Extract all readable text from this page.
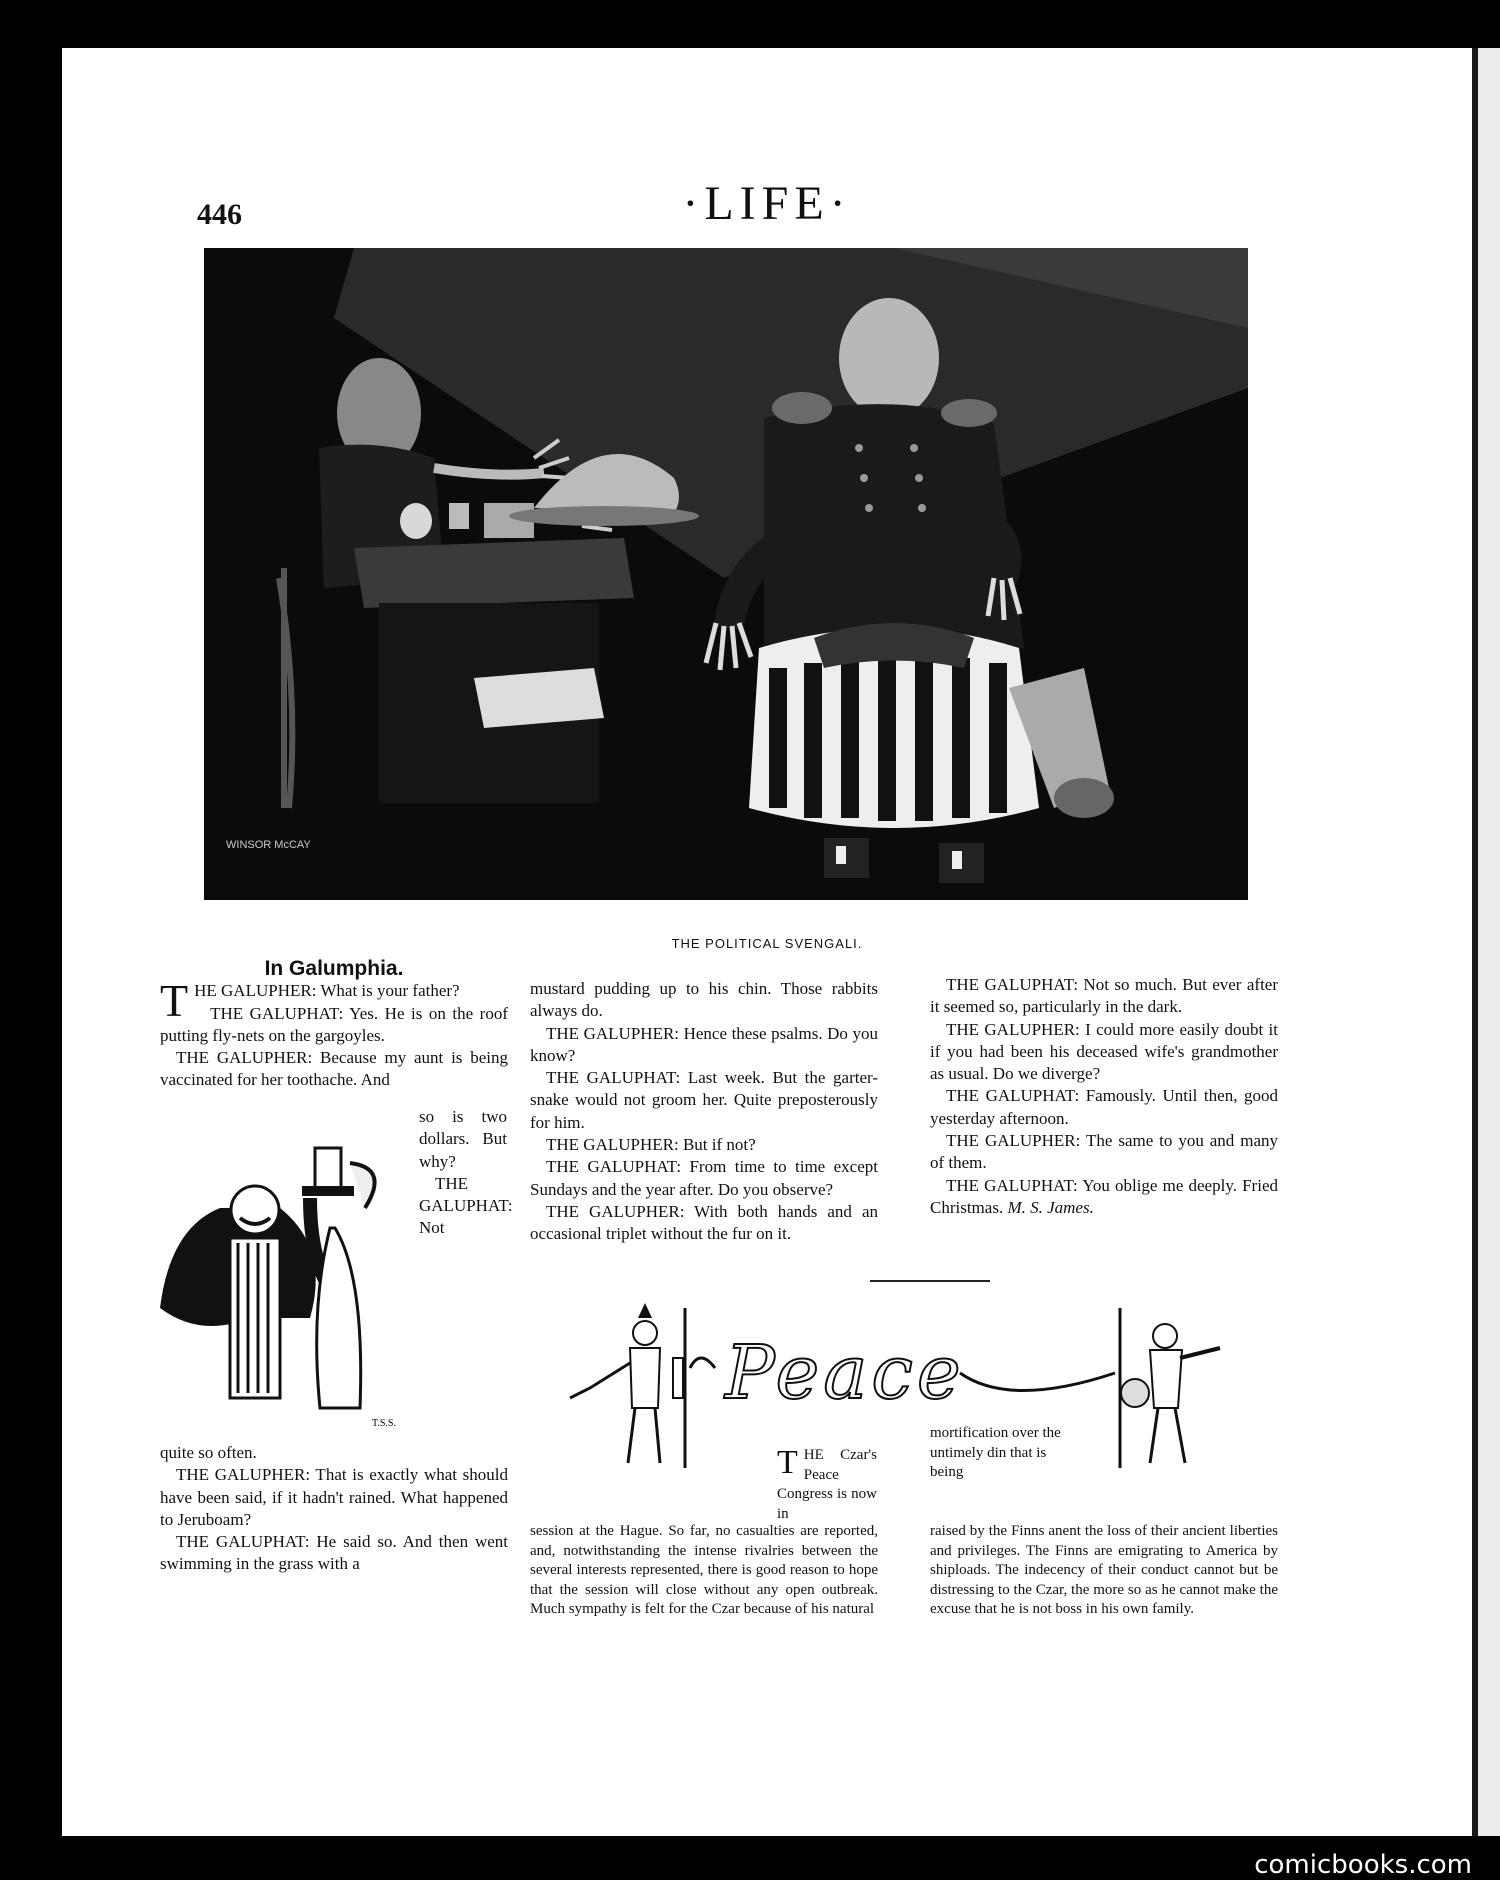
446	·LIFE·
WINSOR McCAY
THE POLITICAL SVENGALI.
In Galumphia.

THE GALUPHER: What is your father?

THE GALUPHAT: Yes. He is on the roof putting fly-nets on the gargoyles.

THE GALUPHER: Because my aunt is being vaccinated for her toothache. And

so is two dollars. But why?

THE GALUPHAT: Not

T.S.S.

quite so often.

THE GALUPHER: That is exactly what should have been said, if it hadn't rained. What happened to Jeruboam?

THE GALUPHAT: He said so. And then went swimming in the grass with a

mustard pudding up to his chin. Those rabbits always do.

THE GALUPHER: Hence these psalms. Do you know?

THE GALUPHAT: Last week. But the garter-snake would not groom her. Quite preposterously for him.

THE GALUPHER: But if not?

THE GALUPHAT: From time to time except Sundays and the year after. Do you observe?

THE GALUPHER: With both hands and an occasional triplet without the fur on it.

THE GALUPHAT: Not so much. But ever after it seemed so, particularly in the dark.

THE GALUPHER: I could more easily doubt it if you had been his deceased wife's grandmother as usual. Do we diverge?

THE GALUPHAT: Famously. Until then, good yesterday afternoon.

THE GALUPHER: The same to you and many of them.

THE GALUPHAT: You oblige me deeply. Fried Christmas. M. S. James.

Peace

THE Czar's Peace Congress is now in

session at the Hague. So far, no casualties are reported, and, notwithstanding the intense rivalries between the several interests represented, there is good reason to hope that the session will close without any open outbreak. Much sympathy is felt for the Czar because of his natural

mortification over the untimely din that is being

raised by the Finns anent the loss of their ancient liberties and privileges. The Finns are emigrating to America by shiploads. The indecency of their conduct cannot but be distressing to the Czar, the more so as he cannot make the excuse that he is not boss in his own family.

comicbooks.com
